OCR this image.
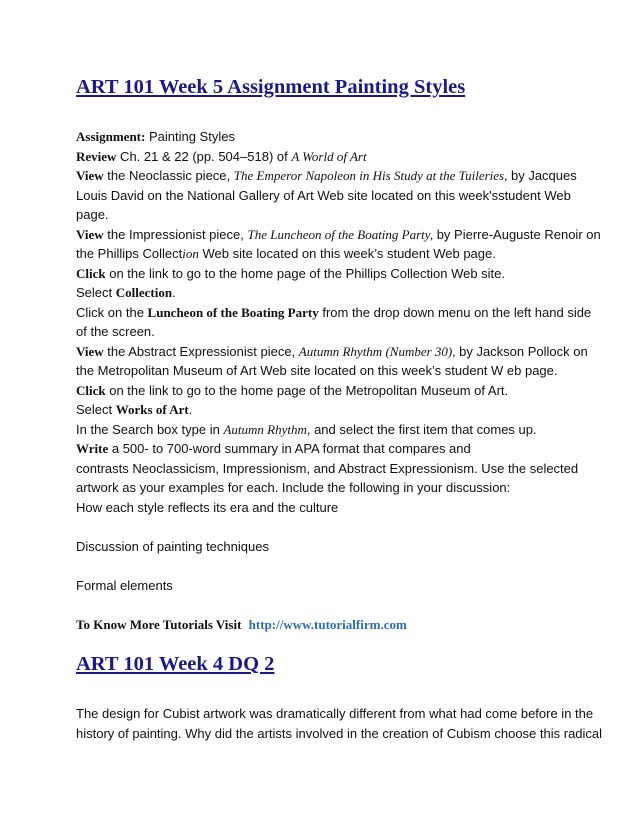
ART 101 Week 5 Assignment Painting Styles
Assignment: Painting Styles
Review Ch. 21 & 22 (pp. 504–518) of A World of Art
View the Neoclassic piece, The Emperor Napoleon in His Study at the Tuileries, by Jacques
Louis David on the National Gallery of Art Web site located on this week'sstudent Web
page.
View the Impressionist piece, The Luncheon of the Boating Party, by Pierre-Auguste Renoir on
the Phillips Collection Web site located on this week’s student Web page.
Click on the link to go to the home page of the Phillips Collection Web site.
Select Collection.
Click on the Luncheon of the Boating Party from the drop down menu on the left hand side
of the screen.
View the Abstract Expressionist piece, Autumn Rhythm (Number 30), by Jackson Pollock on
the Metropolitan Museum of Art Web site located on this week’s student W eb page.
Click on the link to go to the home page of the Metropolitan Museum of Art.
Select Works of Art.
In the Search box type in Autumn Rhythm, and select the first item that comes up.
Write a 500- to 700-word summary in APA format that compares and
contrasts Neoclassicism, Impressionism, and Abstract Expressionism. Use the selected
artwork as your examples for each. Include the following in your discussion:
How each style reflects its era and the culture
Discussion of painting techniques
Formal elements
To Know More Tutorials Visit http://www.tutorialfirm.com
ART 101 Week 4 DQ 2
The design for Cubist artwork was dramatically different from what had come before in the
history of painting. Why did the artists involved in the creation of Cubism choose this radical
